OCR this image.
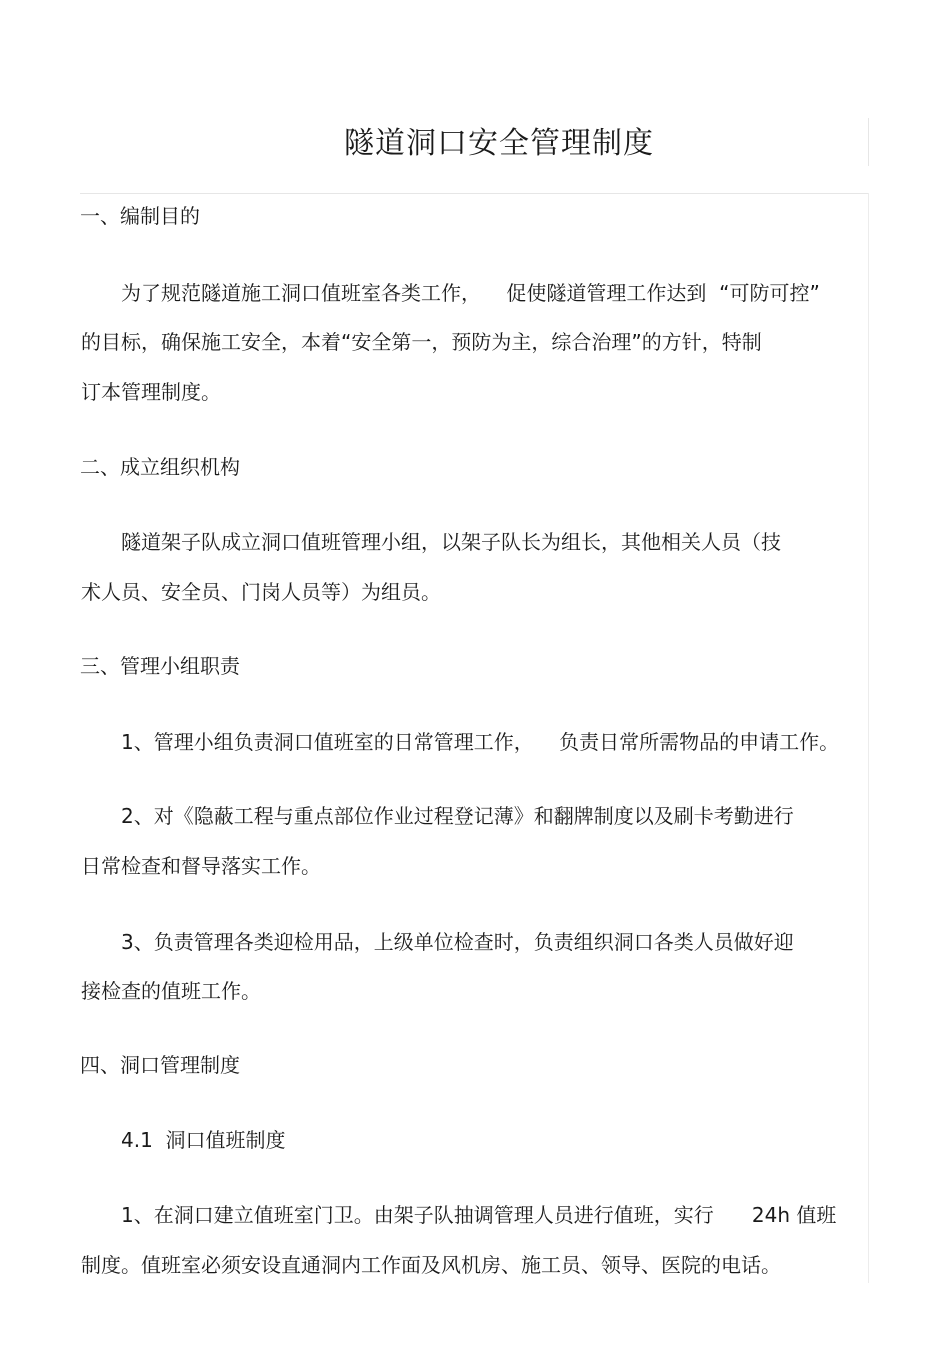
隧道洞口安全管理制度
一、编制目的
为了规范隧道施工洞口值班室各类工作，    促使隧道管理工作达到  “可防可控”
的目标，确保施工安全，本着“安全第一，预防为主，综合治理”的方针，特制
订本管理制度。
二、成立组织机构
隧道架子队成立洞口值班管理小组，以架子队长为组长，其他相关人员（技
术人员、安全员、门岗人员等）为组员。
三、管理小组职责
1、管理小组负责洞口值班室的日常管理工作，    负责日常所需物品的申请工作。
2、对《隐蔽工程与重点部位作业过程登记薄》和翻牌制度以及刷卡考勤进行
日常检查和督导落实工作。
3、负责管理各类迎检用品，上级单位检查时，负责组织洞口各类人员做好迎
接检查的值班工作。
四、洞口管理制度
4.1  洞口值班制度
1、在洞口建立值班室门卫。由架子队抽调管理人员进行值班，实行      24h 值班
制度。值班室必须安设直通洞内工作面及风机房、施工员、领导、医院的电话。
